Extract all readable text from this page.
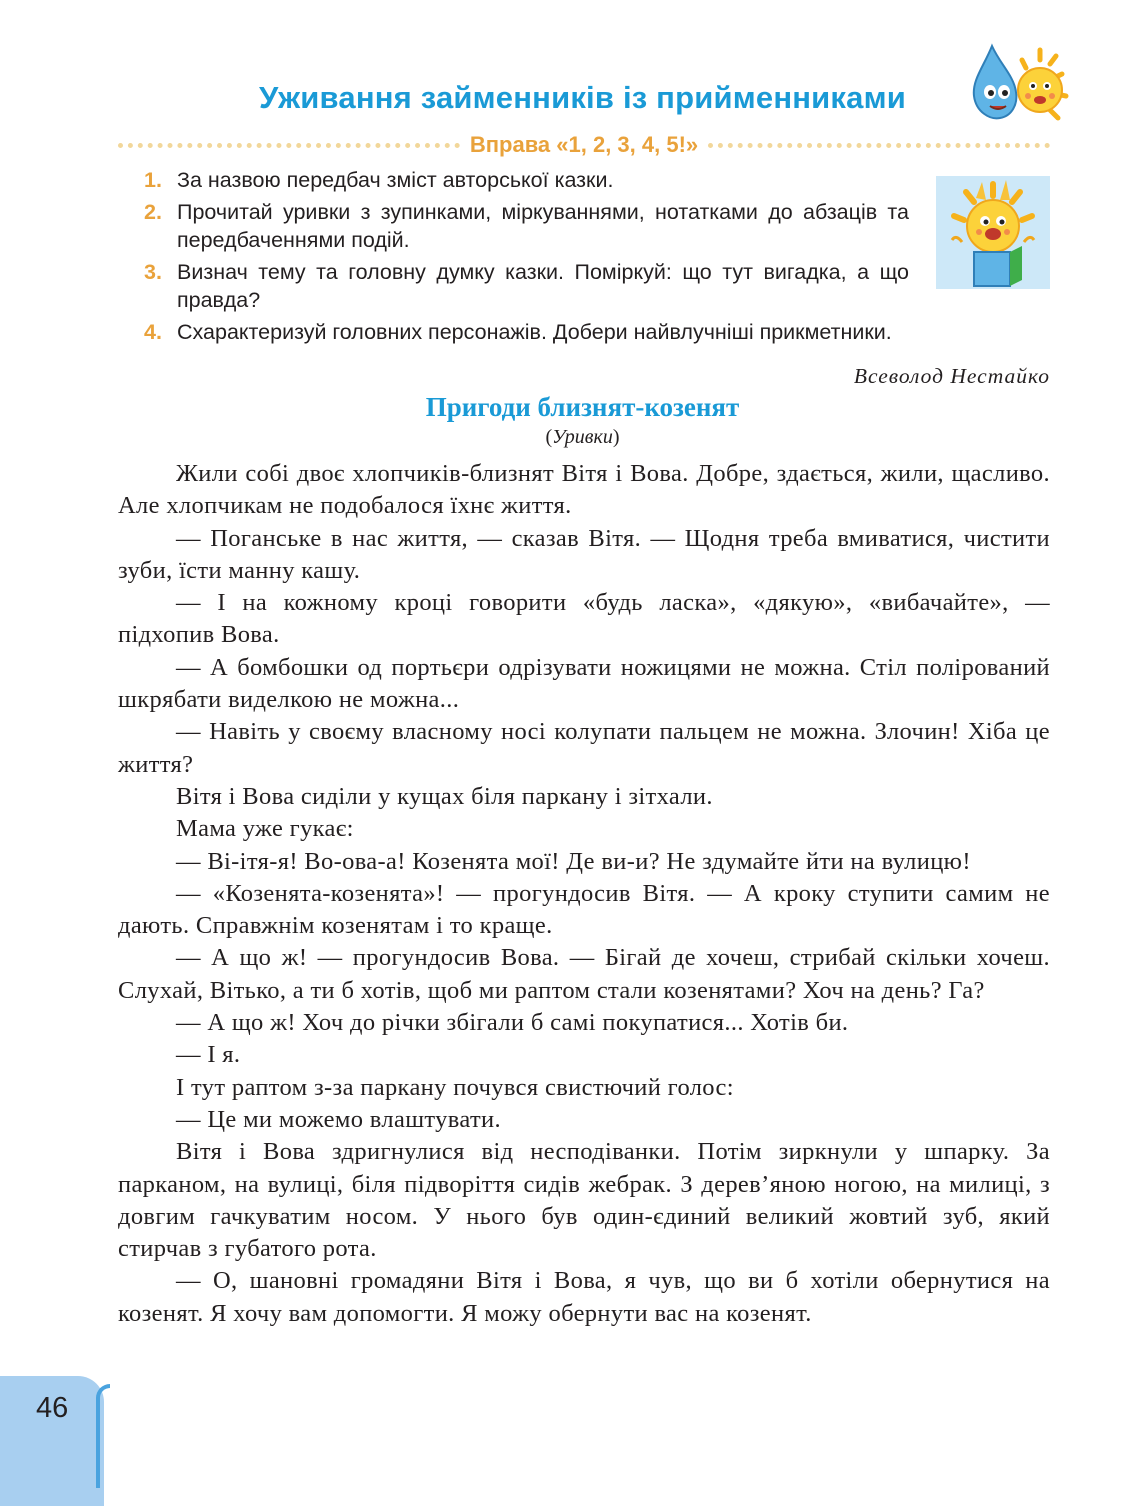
Уживання займенників із прийменниками
Вправа «1, 2, 3, 4, 5!»
1. За назвою передбач зміст авторської казки.
2. Прочитай уривки з зупинками, міркуваннями, нотатками до абзаців та передбаченнями подій.
3. Визнач тему та головну думку казки. Поміркуй: що тут вигадка, а що правда?
4. Схарактеризуй головних персонажів. Добери найвлучніші прикметники.
Всеволод Нестайко
Пригоди близнят-козенят
(Уривки)

Жили собі двоє хлопчиків-близнят Вітя і Вова. Добре, здається, жили, щасливо. Але хлопчикам не подобалося їхнє життя.

— Поганське в нас життя, — сказав Вітя. — Щодня треба вмиватися, чистити зуби, їсти манну кашу.

— І на кожному кроці говорити «будь ласка», «дякую», «вибачайте», — підхопив Вова.

— А бомбошки од портьєри одрізувати ножицями не можна. Стіл полірований шкрябати виделкою не можна...

— Навіть у своєму власному носі колупати пальцем не можна. Злочин! Хіба це життя?

Вітя і Вова сиділи у кущах біля паркану і зітхали.

Мама уже гукає:

— Ві-ітя-я! Во-ова-а! Козенята мої! Де ви-и? Не здумайте йти на вулицю!

— «Козенята-козенята»! — прогундосив Вітя. — А кроку ступити самим не дають. Справжнім козенятам і то краще.

— А що ж! — прогундосив Вова. — Бігай де хочеш, стрибай скільки хочеш. Слухай, Вітько, а ти б хотів, щоб ми раптом стали козенятами? Хоч на день? Га?

— А що ж! Хоч до річки збігали б самі покупатися... Хотів би.

— І я.

І тут раптом з-за паркану почувся свистючий голос:

— Це ми можемо влаштувати.

Вітя і Вова здригнулися від несподіванки. Потім зиркнули у шпарку. За парканом, на вулиці, біля підворіття сидів жебрак. З дерев’яною ногою, на милиці, з довгим гачкуватим носом. У нього був один-єдиний великий жовтий зуб, який стирчав з губатого рота.

— О, шановні громадяни Вітя і Вова, я чув, що ви б хотіли обернутися на козенят. Я хочу вам допомогти. Я можу обернути вас на козенят.

46
